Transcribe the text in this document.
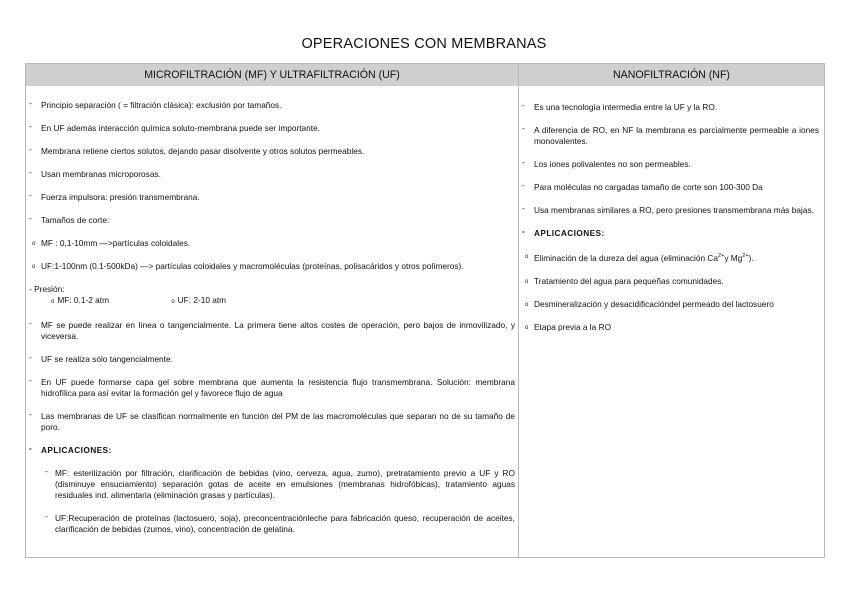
OPERACIONES CON MEMBRANAS
MICROFILTRACIÓN (MF) Y ULTRAFILTRACIÓN (UF)	NANOFILTRACIÓN (NF)
- Principio separación ( = filtración clásica): exclusión por tamaños.
- En UF además interacción química soluto-membrana puede ser importante.
- Membrana retiene ciertos solutos, dejando pasar disolvente y otros solutos permeables.
- Usan membranas microporosas.
- Fuerza impulsora: presión transmembrana.
- Tamaños de corte:
o MF : 0,1-10mm —>partículas coloidales.
o UF:1-100nm (0.1-500kDa) —> partículas coloidales y macromoléculas (proteínas, polisacáridos y otros polímeros).
- Presión:
o MF: 0.1-2 atm	o UF: 2-10 atm
- MF se puede realizar en línea o tangencialmente. La primera tiene altos costes de operación, pero bajos de inmovilizado, y viceversa.
- UF se realiza sólo tangencialmente.
- En UF puede formarse capa gel sobre membrana que aumenta la resistencia flujo transmembrana. Solución: membrana hidrofílica para así evitar la formación gel y favorece flujo de agua
- Las membranas de UF se clasifican normalmente en función del PM de las macromoléculas que separan no de su tamaño de poro.
- APLICACIONES:
- MF: esterilización por filtración, clarificación de bebidas (vino, cerveza, agua, zumo), pretratamiento previo a UF y RO (disminuye ensuciamiento) separación gotas de aceite en emulsiones (membranas hidrofóbicas), tratamiento aguas residuales ind. alimentaria (eliminación grasas y partículas).
- UF:Recuperación de proteínas (lactosuero, soja), preconcentraciónleche para fabricación queso, recuperación de aceites, clarificación de bebidas (zumos, vino), concentración de gelatina.
- Es una tecnología intermedia entre la UF y la RO.
- A diferencia de RO, en NF la membrana es parcialmente permeable a iones monovalentes.
- Los iones polivalentes no son permeables.
- Para moléculas no cargadas tamaño de corte son 100-300 Da
- Usa membranas similares a RO, pero presiones transmembrana más bajas.
- APLICACIONES:
o Eliminación de la dureza del agua (eliminación $Ca^{2+}y$ $Mg^{2+}$).
o Tratamiento del agua para pequeñas comunidades.
o Desmineralización y desacidificacióndel permeado del lactosuero
o Etapa previa a la RO
